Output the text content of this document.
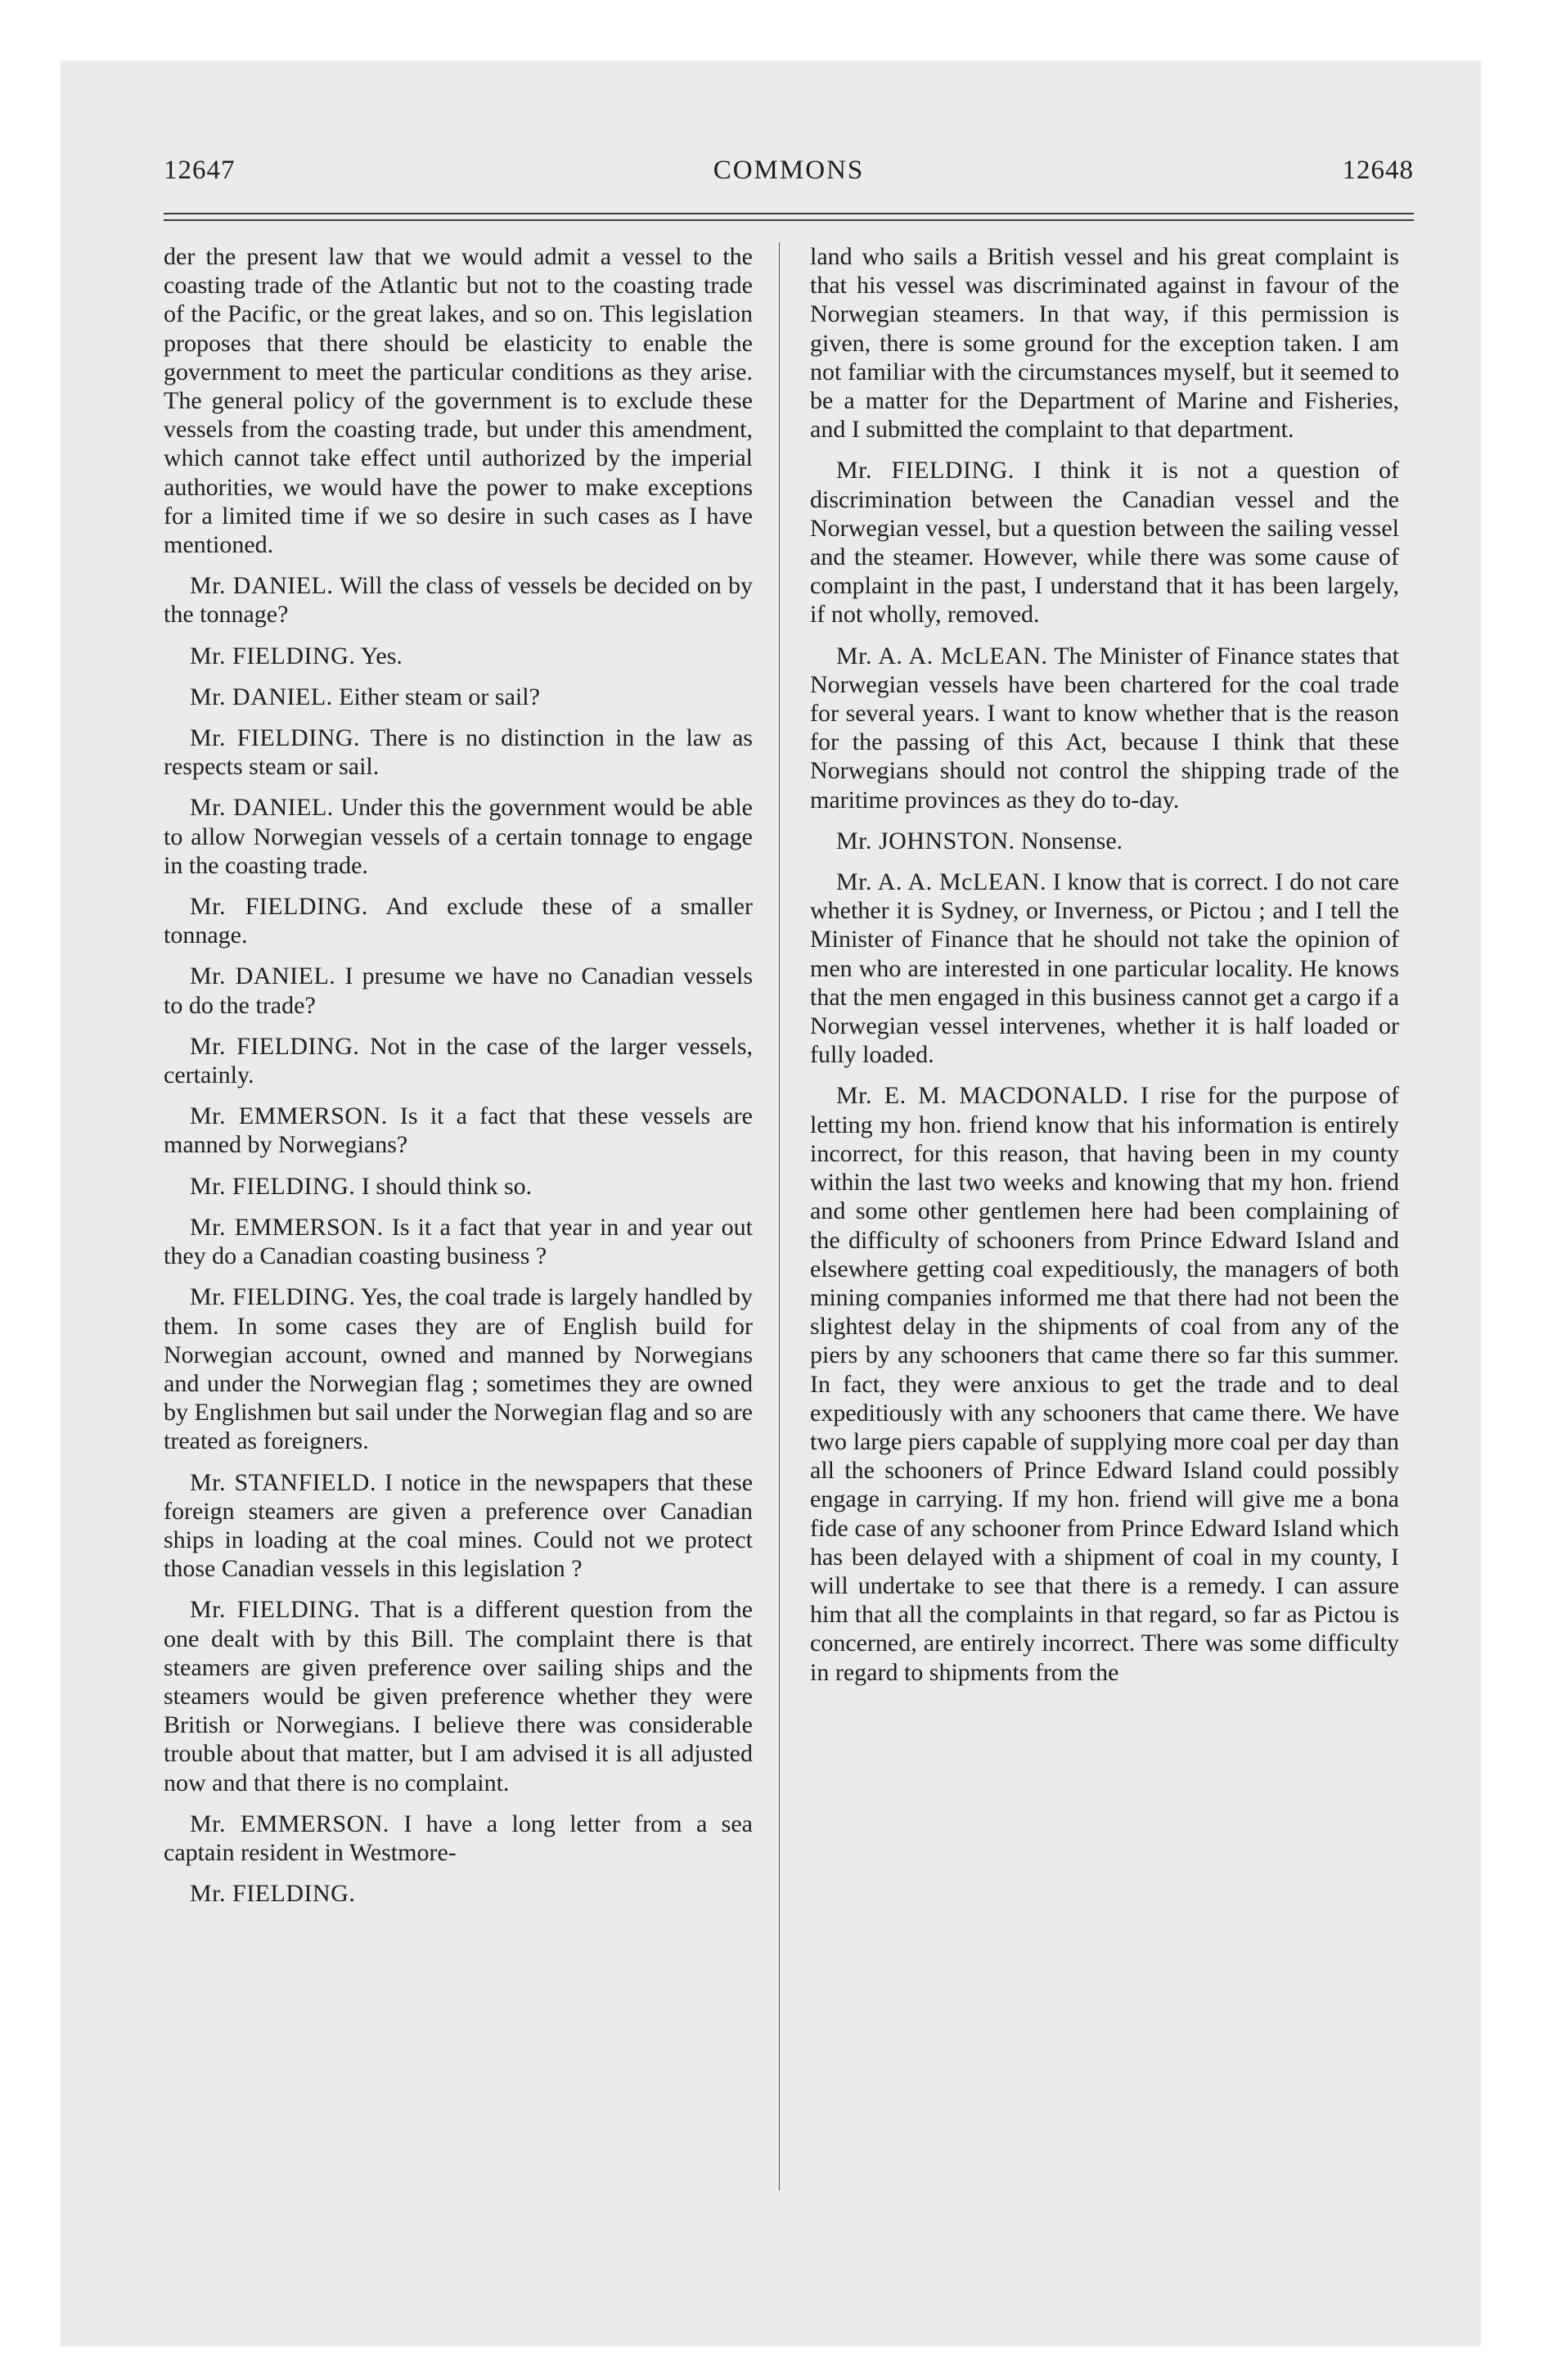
12647	COMMONS	12648

der the present law that we would admit a vessel to the coasting trade of the Atlantic but not to the coasting trade of the Pacific, or the great lakes, and so on. This legislation proposes that there should be elasticity to enable the government to meet the particular conditions as they arise. The general policy of the government is to exclude these vessels from the coasting trade, but under this amendment, which cannot take effect until authorized by the imperial authorities, we would have the power to make exceptions for a limited time if we so desire in such cases as I have mentioned.

Mr. DANIEL. Will the class of vessels be decided on by the tonnage?

Mr. FIELDING. Yes.

Mr. DANIEL. Either steam or sail?

Mr. FIELDING. There is no distinction in the law as respects steam or sail.

Mr. DANIEL. Under this the government would be able to allow Norwegian vessels of a certain tonnage to engage in the coasting trade.

Mr. FIELDING. And exclude these of a smaller tonnage.

Mr. DANIEL. I presume we have no Canadian vessels to do the trade?

Mr. FIELDING. Not in the case of the larger vessels, certainly.

Mr. EMMERSON. Is it a fact that these vessels are manned by Norwegians?

Mr. FIELDING. I should think so.

Mr. EMMERSON. Is it a fact that year in and year out they do a Canadian coasting business ?

Mr. FIELDING. Yes, the coal trade is largely handled by them. In some cases they are of English build for Norwegian account, owned and manned by Norwegians and under the Norwegian flag ; sometimes they are owned by Englishmen but sail under the Norwegian flag and so are treated as foreigners.

Mr. STANFIELD. I notice in the newspapers that these foreign steamers are given a preference over Canadian ships in loading at the coal mines. Could not we protect those Canadian vessels in this legislation ?

Mr. FIELDING. That is a different question from the one dealt with by this Bill. The complaint there is that steamers are given preference over sailing ships and the steamers would be given preference whether they were British or Norwegians. I believe there was considerable trouble about that matter, but I am advised it is all adjusted now and that there is no complaint.

Mr. EMMERSON. I have a long letter from a sea captain resident in Westmore-

Mr. FIELDING.

land who sails a British vessel and his great complaint is that his vessel was discriminated against in favour of the Norwegian steamers. In that way, if this permission is given, there is some ground for the exception taken. I am not familiar with the circumstances myself, but it seemed to be a matter for the Department of Marine and Fisheries, and I submitted the complaint to that department.

Mr. FIELDING. I think it is not a question of discrimination between the Canadian vessel and the Norwegian vessel, but a question between the sailing vessel and the steamer. However, while there was some cause of complaint in the past, I understand that it has been largely, if not wholly, removed.

Mr. A. A. McLEAN. The Minister of Finance states that Norwegian vessels have been chartered for the coal trade for several years. I want to know whether that is the reason for the passing of this Act, because I think that these Norwegians should not control the shipping trade of the maritime provinces as they do to-day.

Mr. JOHNSTON. Nonsense.

Mr. A. A. McLEAN. I know that is correct. I do not care whether it is Sydney, or Inverness, or Pictou ; and I tell the Minister of Finance that he should not take the opinion of men who are interested in one particular locality. He knows that the men engaged in this business cannot get a cargo if a Norwegian vessel intervenes, whether it is half loaded or fully loaded.

Mr. E. M. MACDONALD. I rise for the purpose of letting my hon. friend know that his information is entirely incorrect, for this reason, that having been in my county within the last two weeks and knowing that my hon. friend and some other gentlemen here had been complaining of the difficulty of schooners from Prince Edward Island and elsewhere getting coal expeditiously, the managers of both mining companies informed me that there had not been the slightest delay in the shipments of coal from any of the piers by any schooners that came there so far this summer. In fact, they were anxious to get the trade and to deal expeditiously with any schooners that came there. We have two large piers capable of supplying more coal per day than all the schooners of Prince Edward Island could possibly engage in carrying. If my hon. friend will give me a bona fide case of any schooner from Prince Edward Island which has been delayed with a shipment of coal in my county, I will undertake to see that there is a remedy. I can assure him that all the complaints in that regard, so far as Pictou is concerned, are entirely incorrect. There was some difficulty in regard to shipments from the
